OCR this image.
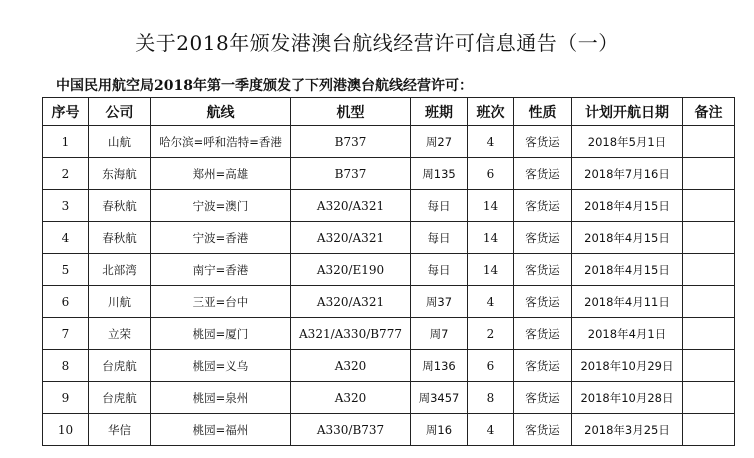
关于2018年颁发港澳台航线经营许可信息通告（一）
中国民用航空局2018年第一季度颁发了下列港澳台航线经营许可：
序号	公司	航线	机型	班期	班次	性质	计划开航日期	备注
1	山航	哈尔滨=呼和浩特=香港	B737	周27	4	客货运	2018年5月1日	
2	东海航	郑州=高雄	B737	周135	6	客货运	2018年7月16日	
3	春秋航	宁波=澳门	A320/A321	每日	14	客货运	2018年4月15日	
4	春秋航	宁波=香港	A320/A321	每日	14	客货运	2018年4月15日	
5	北部湾	南宁=香港	A320/E190	每日	14	客货运	2018年4月15日	
6	川航	三亚=台中	A320/A321	周37	4	客货运	2018年4月11日	
7	立荣	桃园=厦门	A321/A330/B777	周7	2	客货运	2018年4月1日	
8	台虎航	桃园=义乌	A320	周136	6	客货运	2018年10月29日	
9	台虎航	桃园=泉州	A320	周3457	8	客货运	2018年10月28日	
10	华信	桃园=福州	A330/B737	周16	4	客货运	2018年3月25日	
